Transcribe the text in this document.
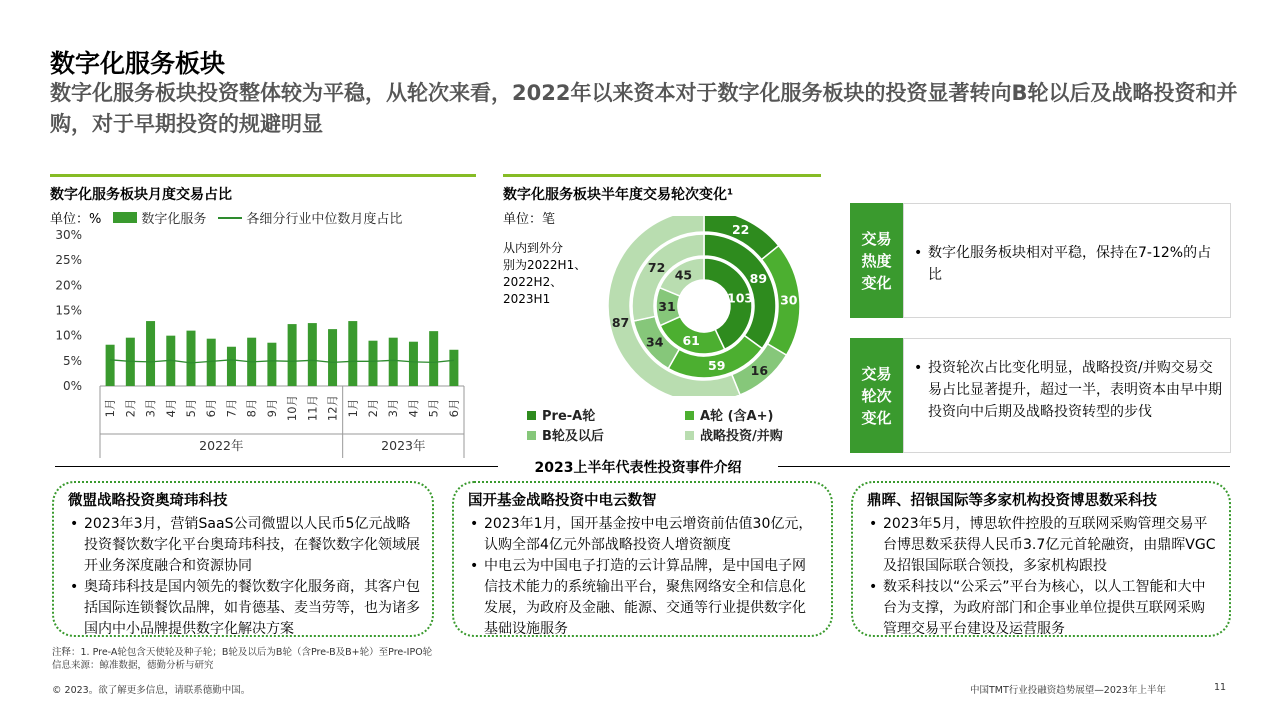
数字化服务板块
数字化服务板块投资整体较为平稳，从轮次来看，2022年以来资本对于数字化服务板块的投资显著转向B轮以后及战略投资和并购，对于早期投资的规避明显
数字化服务板块月度交易占比
单位：%	数字化服务	各细分行业中位数月度占比
0%
5%
10%
15%
20%
25%
30%
1月 2月 3月 4月 5月 6月 7月 8月 9月 10月 11月 12月 1月 2月 3月 4月 5月 6月
2022年	2023年
数字化服务板块半年度交易轮次变化¹
单位：笔
从内到外分
别为2022H1、
2022H2、
2023H1	103
61
31
45	89
59
34
72
22
30
16
87
Pre-A轮	A轮 (含A+)
B轮及以后	战略投资/并购
交易
热度
变化
• 数字化服务板块相对平稳，保持在7-12%的占比
交易
轮次
变化
• 投资轮次占比变化明显，战略投资/并购交易交易占比显著提升，超过一半，表明资本由早中期投资向中后期及战略投资转型的步伐
2023上半年代表性投资事件介绍
微盟战略投资奥琦玮科技
• 2023年3月，营销SaaS公司微盟以人民币5亿元战略投资餐饮数字化平台奥琦玮科技，在餐饮数字化领域展开业务深度融合和资源协同
• 奥琦玮科技是国内领先的餐饮数字化服务商，其客户包括国际连锁餐饮品牌，如肯德基、麦当劳等，也为诸多国内中小品牌提供数字化解决方案
国开基金战略投资中电云数智
• 2023年1月，国开基金按中电云增资前估值30亿元，认购全部4亿元外部战略投资人增资额度
• 中电云为中国电子打造的云计算品牌，是中国电子网信技术能力的系统输出平台，聚焦网络安全和信息化发展，为政府及金融、能源、交通等行业提供数字化基础设施服务
鼎晖、招银国际等多家机构投资博思数采科技
• 2023年5月，博思软件控股的互联网采购管理交易平台博思数采获得人民币3.7亿元首轮融资，由鼎晖VGC及招银国际联合领投，多家机构跟投
• 数采科技以“公采云”平台为核心，以人工智能和大中台为支撑，为政府部门和企事业单位提供互联网采购管理交易平台建设及运营服务
注释：1. Pre-A轮包含天使轮及种子轮；B轮及以后为B轮（含Pre-B及B+轮）至Pre-IPO轮
信息来源：鲸准数据，德勤分析与研究
© 2023。欲了解更多信息，请联系德勤中国。	中国TMT行业投融资趋势展望—2023年上半年	11
